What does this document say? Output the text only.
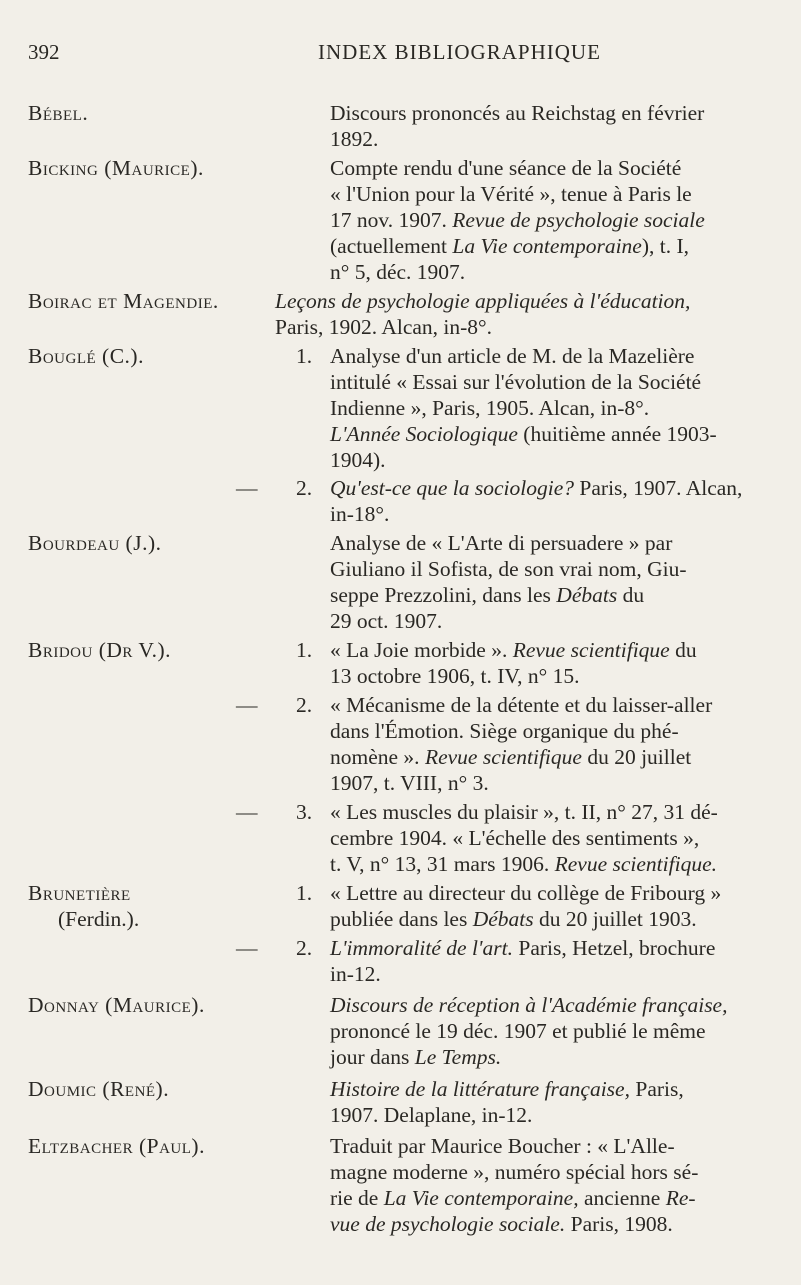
392	INDEX BIBLIOGRAPHIQUE
Bébel.	Discours prononcés au Reichstag en février
1892.
Bicking (Maurice).	Compte rendu d'une séance de la Société
« l'Union pour la Vérité », tenue à Paris le
17 nov. 1907. Revue de psychologie sociale
(actuellement La Vie contemporaine), t. I,
n° 5, déc. 1907.
Boirac et Magendie.	Leçons de psychologie appliquées à l'éducation,
Paris, 1902. Alcan, in-8°.
Bouglé (C.).	1. Analyse d'un article de M. de la Mazelière
intitulé « Essai sur l'évolution de la Société
Indienne », Paris, 1905. Alcan, in-8°.
L'Année Sociologique (huitième année 1903-
1904).
— 2. Qu'est-ce que la sociologie? Paris, 1907. Alcan,
in-18°.
Bourdeau (J.).	Analyse de « L'Arte di persuadere » par
Giuliano il Sofista, de son vrai nom, Giu-
seppe Prezzolini, dans les Débats du
29 oct. 1907.
Bridou (Dr V.).	1. « La Joie morbide ». Revue scientifique du
13 octobre 1906, t. IV, n° 15.
— 2. « Mécanisme de la détente et du laisser-aller
dans l'Émotion. Siège organique du phé-
nomène ». Revue scientifique du 20 juillet
1907, t. VIII, n° 3.
— 3. « Les muscles du plaisir », t. II, n° 27, 31 dé-
cembre 1904. « L'échelle des sentiments »,
t. V, n° 13, 31 mars 1906. Revue scientifique.
Brunetière
(Ferdin.).
1. « Lettre au directeur du collège de Fribourg »
publiée dans les Débats du 20 juillet 1903.
— 2. L'immoralité de l'art. Paris, Hetzel, brochure
in-12.
Donnay (Maurice).	Discours de réception à l'Académie française,
prononcé le 19 déc. 1907 et publié le même
jour dans Le Temps.
Doumic (René).	Histoire de la littérature française, Paris,
1907. Delaplane, in-12.
Eltzbacher (Paul).	Traduit par Maurice Boucher : « L'Alle-
magne moderne », numéro spécial hors sé-
rie de La Vie contemporaine, ancienne Re-
vue de psychologie sociale. Paris, 1908.
